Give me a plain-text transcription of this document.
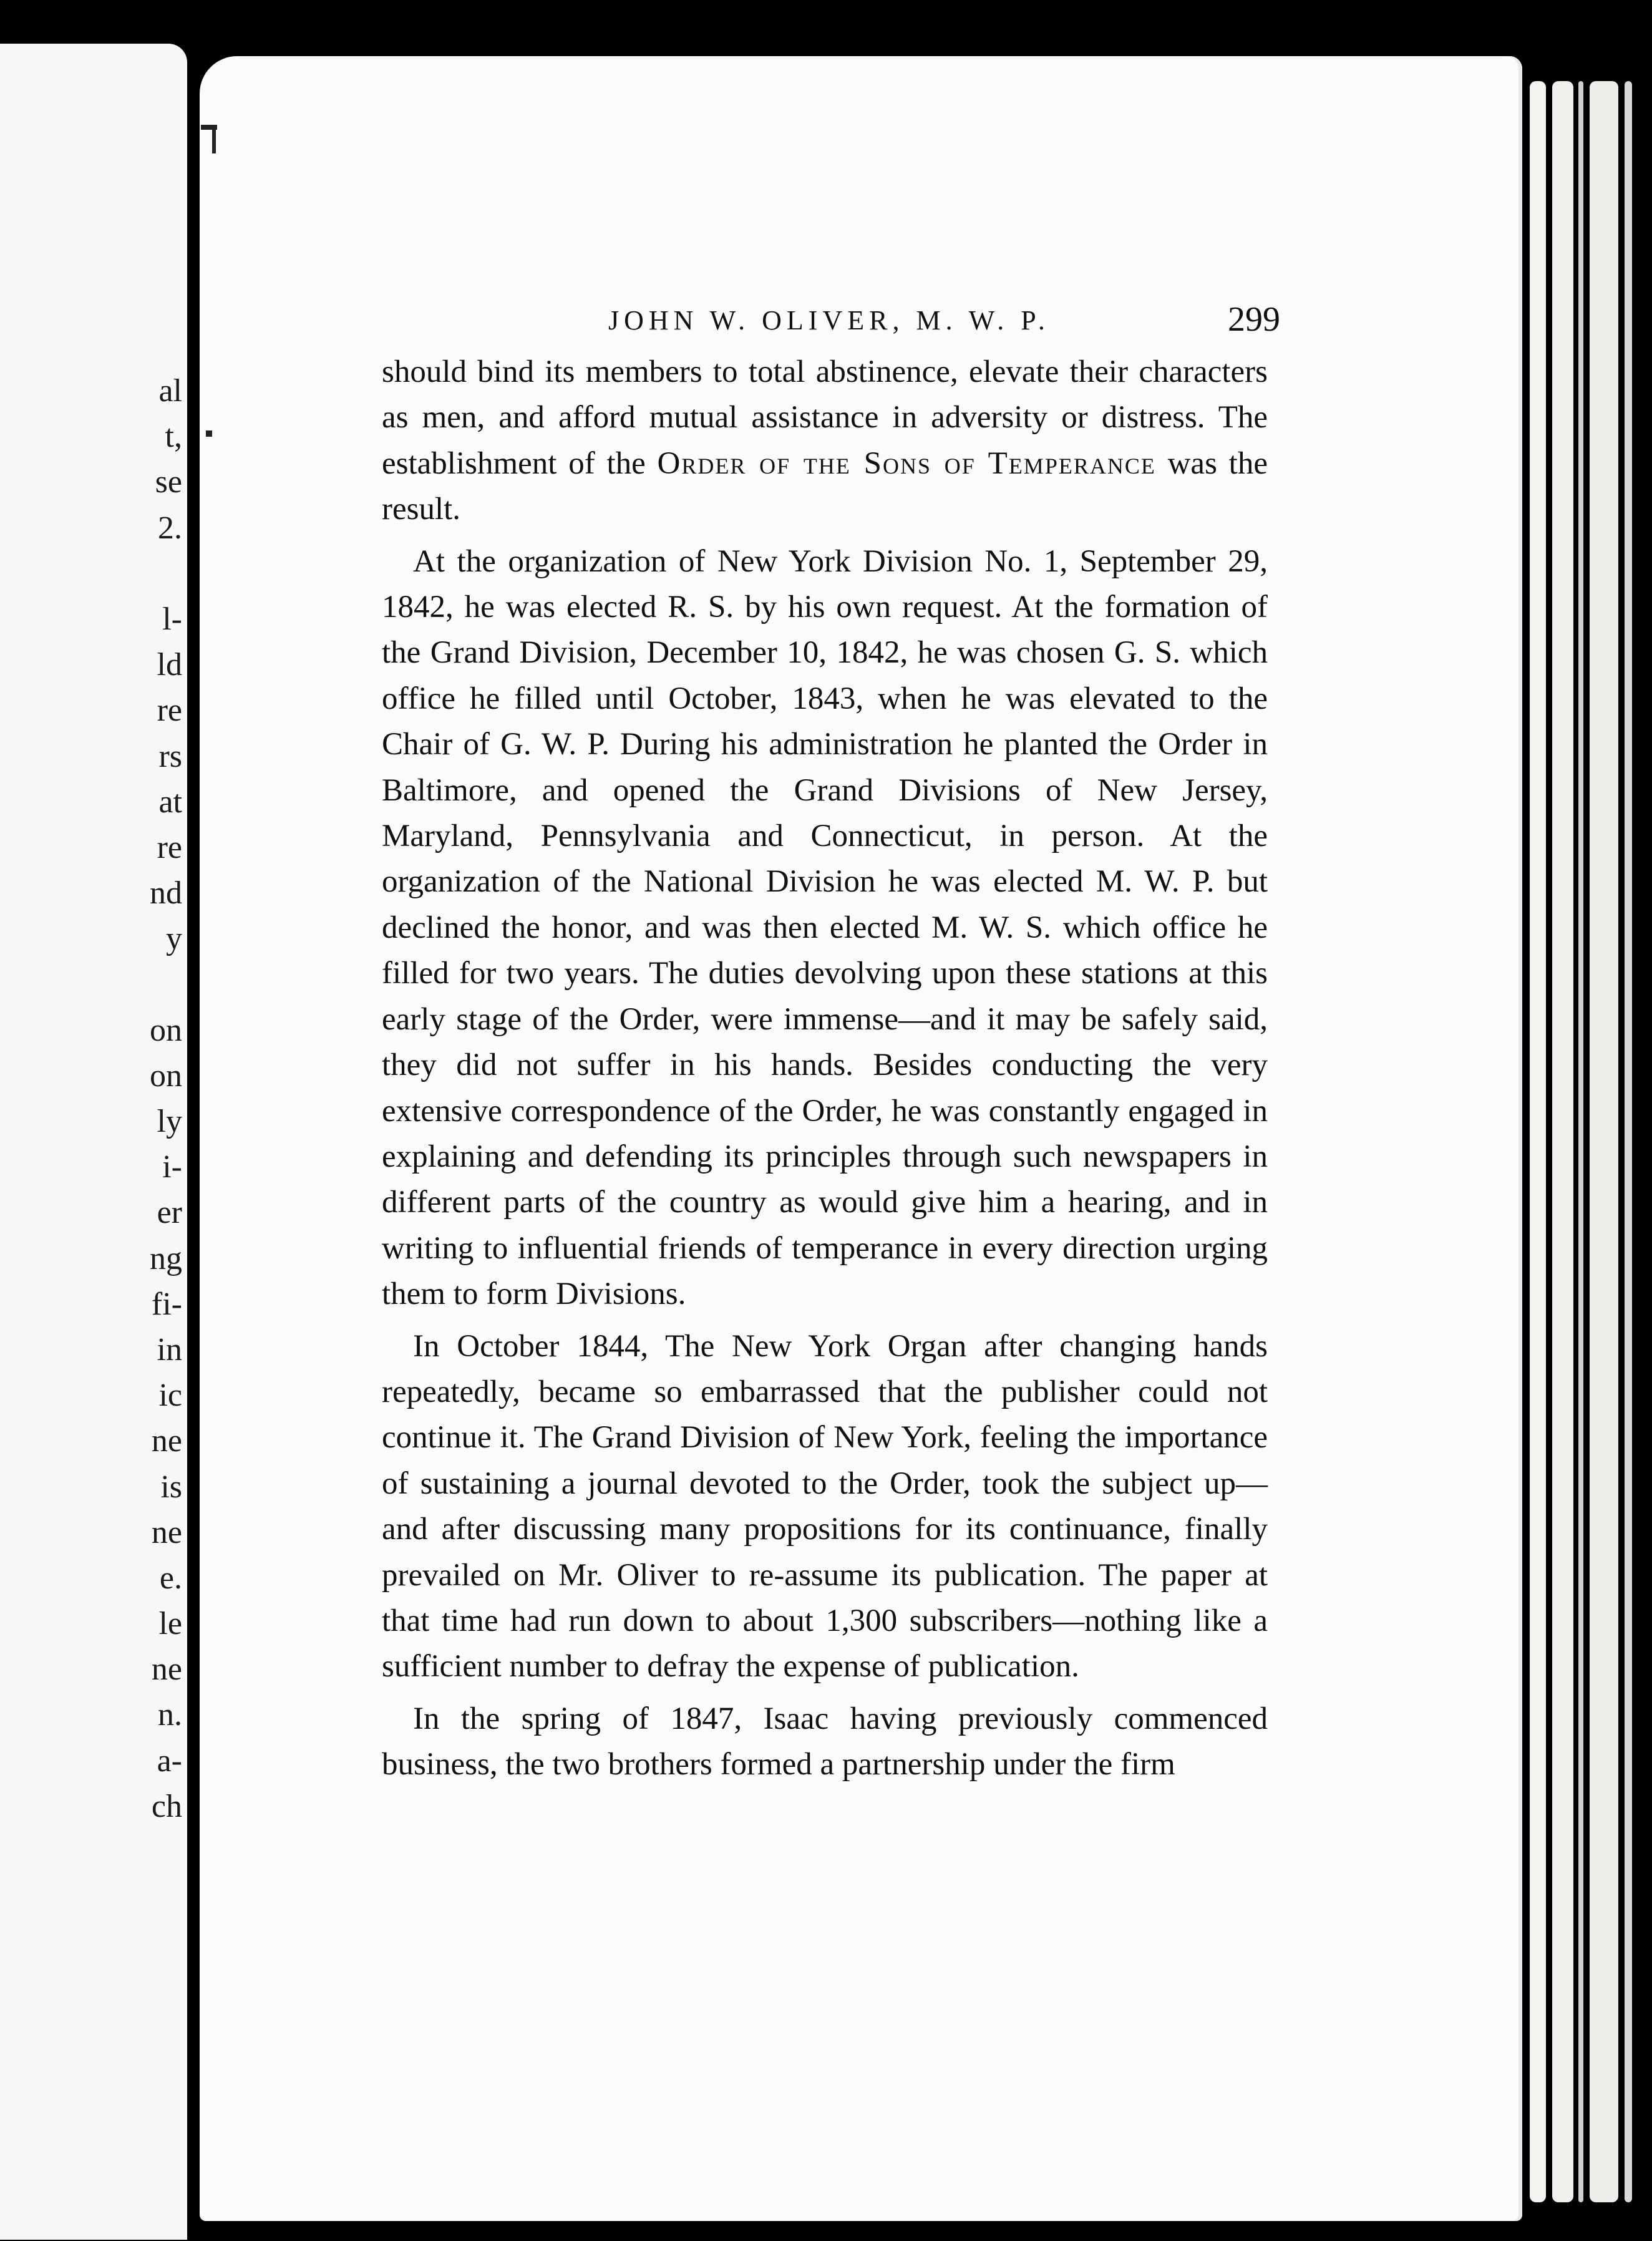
al
t,
se
2.
l-
ld
re
rs
at
re
nd
y
on
on
ly
i-
er
ng
fi-
in
ic
ne
is
ne
e.
le
ne
n.
a-
ch
JOHN W. OLIVER, M. W. P.	299

should bind its members to total abstinence, elevate their characters as men, and afford mutual assistance in adversity or distress. The establishment of the Order of the Sons of Temperance was the result.

At the organization of New York Division No. 1, September 29, 1842, he was elected R. S. by his own request. At the formation of the Grand Division, December 10, 1842, he was chosen G. S. which office he filled until October, 1843, when he was elevated to the Chair of G. W. P. During his administration he planted the Order in Baltimore, and opened the Grand Divisions of New Jersey, Maryland, Pennsylvania and Connecticut, in person. At the organization of the National Division he was elected M. W. P. but declined the honor, and was then elected M. W. S. which office he filled for two years. The duties devolving upon these stations at this early stage of the Order, were immense—and it may be safely said, they did not suffer in his hands. Besides conducting the very extensive correspondence of the Order, he was constantly engaged in explaining and defending its principles through such newspapers in different parts of the country as would give him a hearing, and in writing to influential friends of temperance in every direction urging them to form Divisions.

In October 1844, The New York Organ after changing hands repeatedly, became so embarrassed that the publisher could not continue it. The Grand Division of New York, feeling the importance of sustaining a journal devoted to the Order, took the subject up—and after discussing many propositions for its continuance, finally prevailed on Mr. Oliver to re-assume its publication. The paper at that time had run down to about 1,300 subscribers—nothing like a sufficient number to defray the expense of publication.

In the spring of 1847, Isaac having previously commenced business, the two brothers formed a partnership under the firm
